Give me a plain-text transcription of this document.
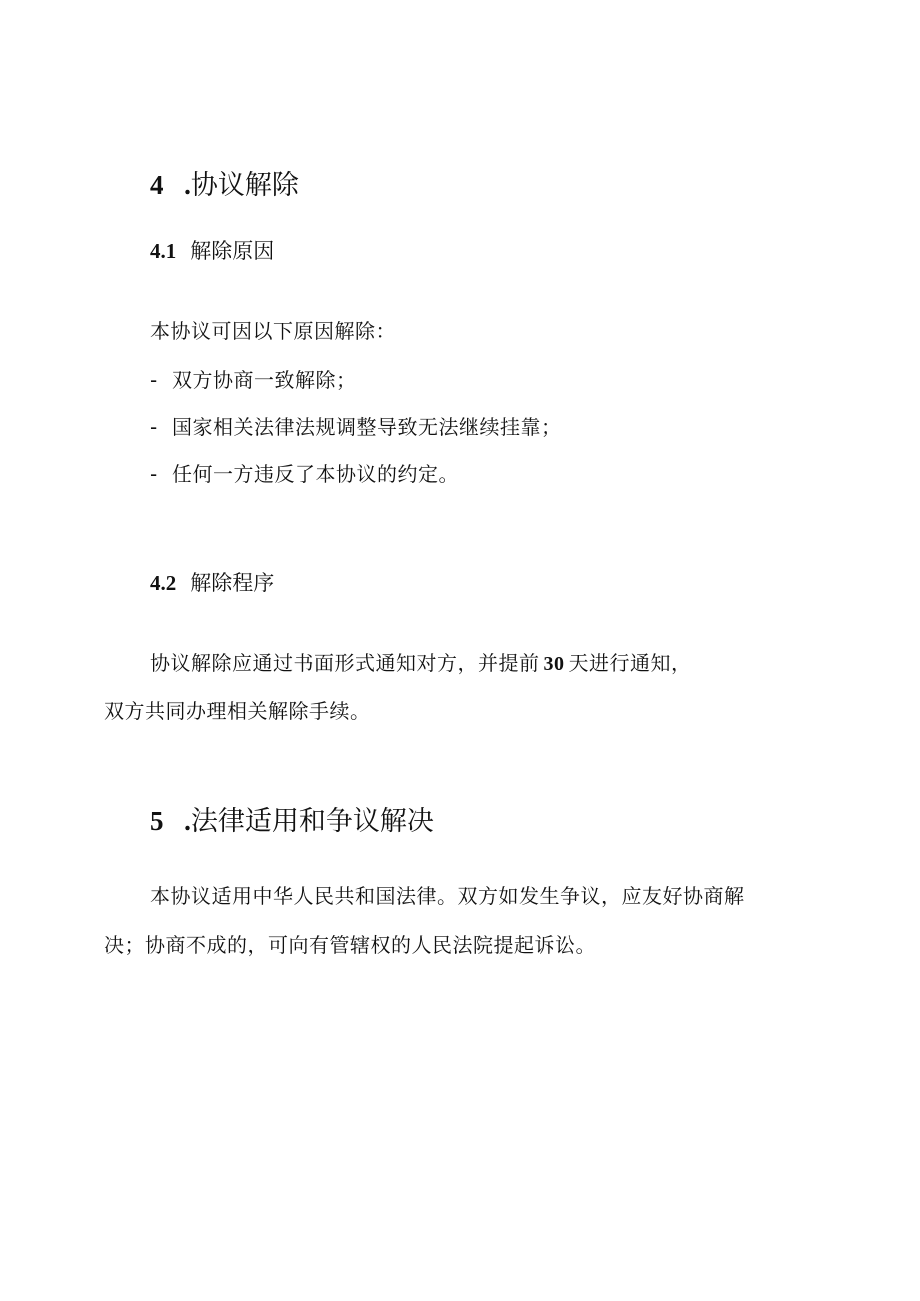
4 .协议解除
4.1 解除原因
本协议可因以下原因解除：
- 双方协商一致解除；
- 国家相关法律法规调整导致无法继续挂靠；
- 任何一方违反了本协议的约定。
4.2 解除程序
协议解除应通过书面形式通知对方，并提前 30 天进行通知，
双方共同办理相关解除手续。
5 .法律适用和争议解决
本协议适用中华人民共和国法律。双方如发生争议，应友好协商解
决；协商不成的，可向有管辖权的人民法院提起诉讼。
